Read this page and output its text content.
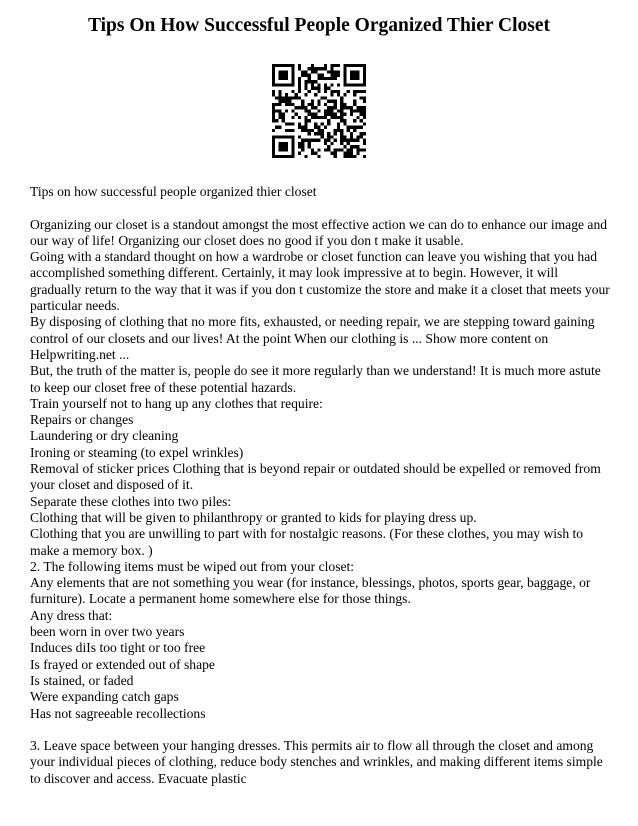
Tips On How Successful People Organized Thier Closet

Tips on how successful people organized thier closet

Organizing our closet is a standout amongst the most effective action we can do to enhance our image and our way of life! Organizing our closet does no good if you don t make it usable.

Going with a standard thought on how a wardrobe or closet function can leave you wishing that you had accomplished something different. Certainly, it may look impressive at to begin. However, it will gradually return to the way that it was if you don t customize the store and make it a closet that meets your particular needs.

By disposing of clothing that no more fits, exhausted, or needing repair, we are stepping toward gaining control of our closets and our lives! At the point When our clothing is ... Show more content on Helpwriting.net ...

But, the truth of the matter is, people do see it more regularly than we understand! It is much more astute to keep our closet free of these potential hazards.

Train yourself not to hang up any clothes that require:

Repairs or changes

Laundering or dry cleaning

Ironing or steaming (to expel wrinkles)

Removal of sticker prices Clothing that is beyond repair or outdated should be expelled or removed from your closet and disposed of it.

Separate these clothes into two piles:

Clothing that will be given to philanthropy or granted to kids for playing dress up.

Clothing that you are unwilling to part with for nostalgic reasons. (For these clothes, you may wish to make a memory box. )

2. The following items must be wiped out from your closet:

Any elements that are not something you wear (for instance, blessings, photos, sports gear, baggage, or furniture). Locate a permanent home somewhere else for those things.

Any dress that:

been worn in over two years

Induces diIs too tight or too free

Is frayed or extended out of shape

Is stained, or faded

Were expanding catch gaps

Has not sagreeable recollections

3. Leave space between your hanging dresses. This permits air to flow all through the closet and among your individual pieces of clothing, reduce body stenches and wrinkles, and making different items simple to discover and access. Evacuate plastic
